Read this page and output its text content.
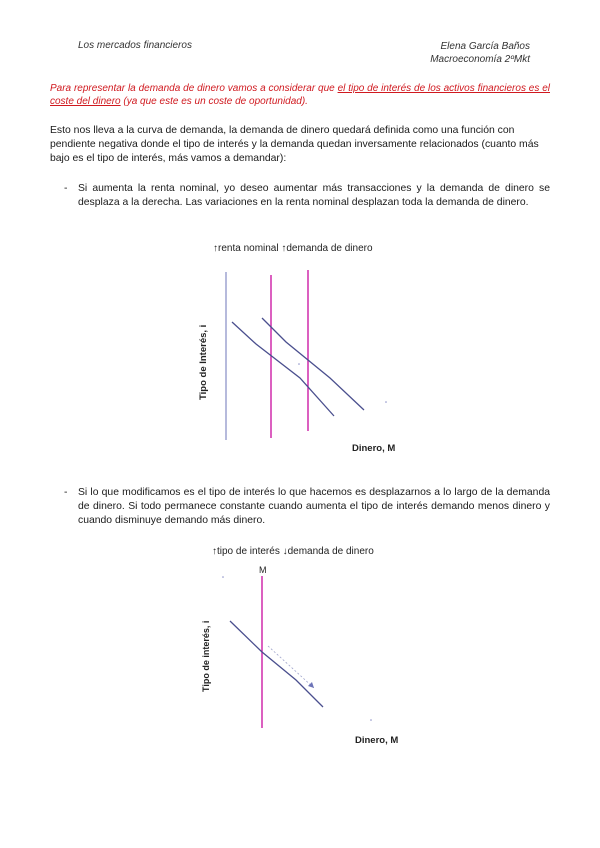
Los mercados financieros	Elena García Baños
Macroeconomía 2ºMkt
Para representar la demanda de dinero vamos a considerar que el tipo de interés de los activos financieros es el coste del dinero (ya que este es un coste de oportunidad).
Esto nos lleva a la curva de demanda, la demanda de dinero quedará definida como una función con pendiente negativa donde el tipo de interés y la demanda quedan inversamente relacionados (cuanto más bajo es el tipo de interés, más vamos a demandar):
- Si aumenta la renta nominal, yo deseo aumentar más transacciones y la demanda de dinero se desplaza a la derecha. Las variaciones en la renta nominal desplazan toda la demanda de dinero.
↑renta nominal ↑demanda de dinero
Tipo de Interés, i
Dinero, M
M
Tipo de interés, i
Dinero, M
- Si lo que modificamos es el tipo de interés lo que hacemos es desplazarnos a lo largo de la demanda de dinero. Si todo permanece constante cuando aumenta el tipo de interés demando menos dinero y cuando disminuye demando más dinero.
↑tipo de interés ↓demanda de dinero
